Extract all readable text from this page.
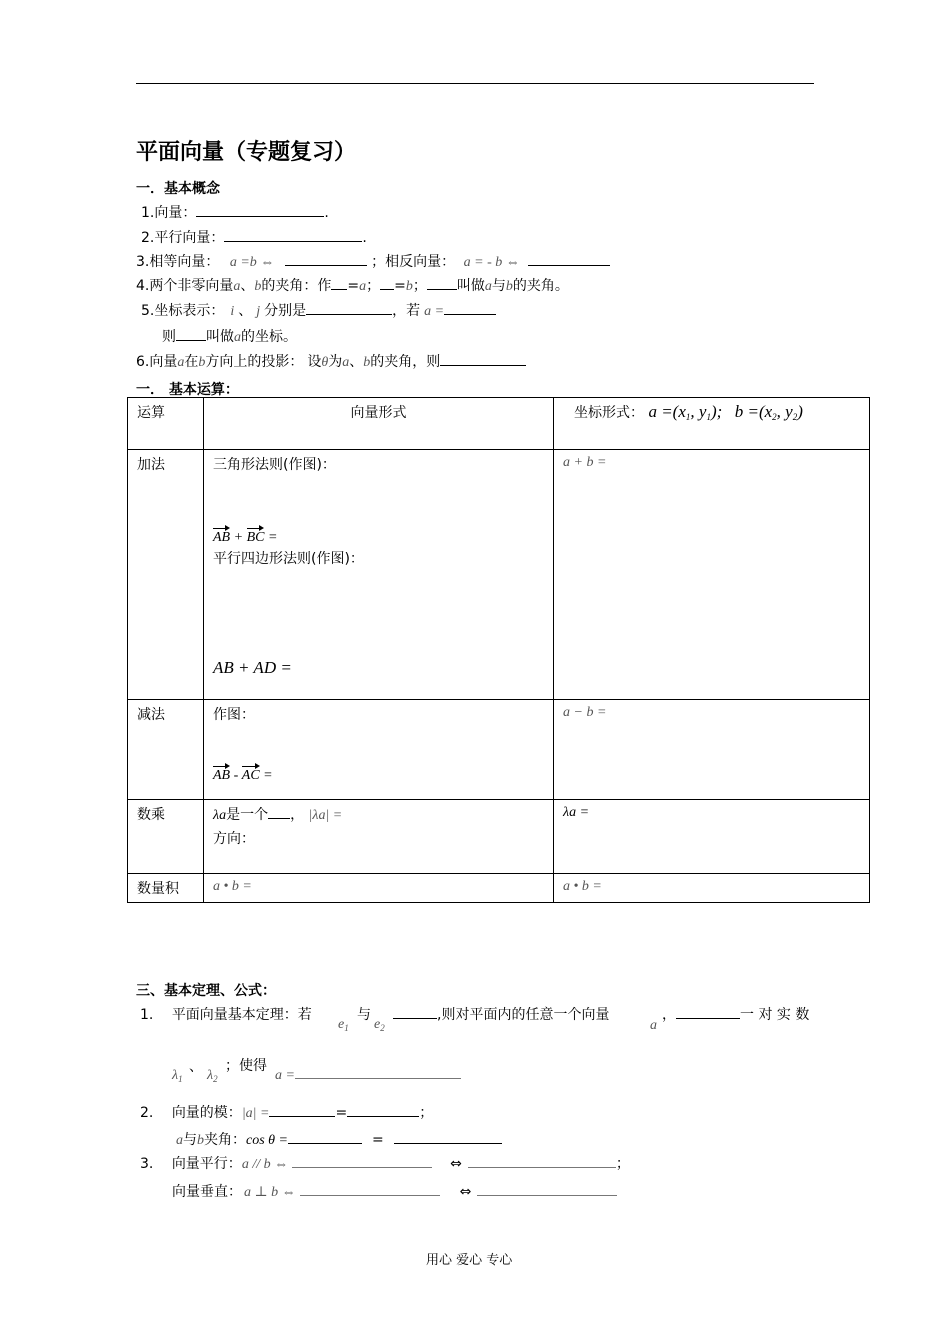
平面向量（专题复习）
一．基本概念
1.向量：	.
2.平行向量：	.
3.相等向量： a =b ⇔	；相反向量： a = - b ⇔
4.两个非零向量a、b的夹角：作 =a； =b； 叫做a与b的夹角。
5.坐标表示： i 、 j 分别是	，若 a =
则 叫做a的坐标。
6.向量a在b方向上的投影： 设θ为a、b的夹角，则
一． 基本运算：
运算	向量形式	坐标形式： $a =(x_1$, $y_1$); $b =(x_2$, $y_2$)
加法	三角形法则(作图)：
AB + BC =
平行四边形法则(作图)：
AB + AD =	a + b =
减法	作图：
AB - AC =	a − b =
数乘	λa是一个 ， |λa| =
方向：	λa =
数量积	a • b =	a • b =
三、基本定理、公式：
1. 平面向量基本定理：若
$e_1$
与
$e_2$
,则对平面内的任意一个向量
a
，	一 对 实 数
$\lambda_1$
、
$\lambda_2$
；使得
a =
2. 向量的模：|a| =	=	；
a与b夹角：cos θ =	=
3. 向量平行：a // b ⇔	⇔	；
向量垂直： a ⊥ b ⇔	⇔
用心 爱心 专心
